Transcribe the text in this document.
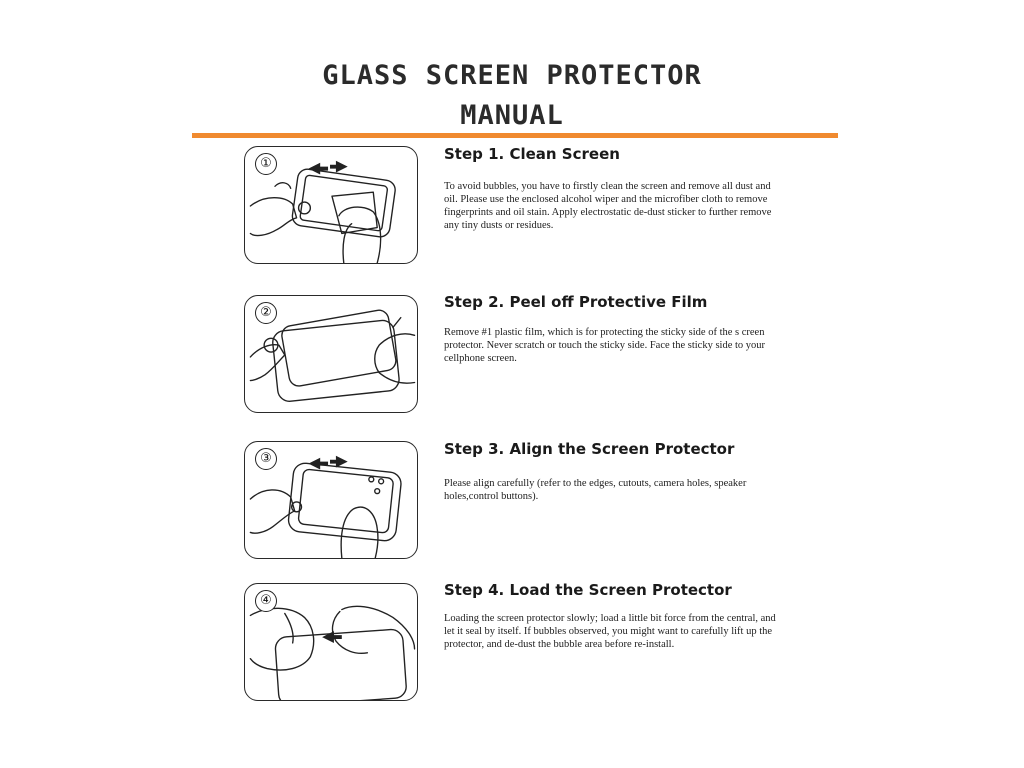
GLASS SCREEN PROTECTOR
MANUAL
①
Step 1. Clean Screen
To avoid bubbles, you have to firstly clean the screen and remove all dust and oil. Please use the enclosed alcohol wiper and the microfiber cloth to remove fingerprints and oil stain. Apply electrostatic de-dust sticker to further remove any tiny dusts or residues.
②
Step 2. Peel off Protective Film
Remove #1 plastic film, which is for protecting the sticky side of the s creen protector. Never scratch or touch the sticky side. Face the sticky side to your cellphone screen.
③
Step 3. Align the Screen Protector
Please align carefully (refer to the edges, cutouts, camera holes, speaker holes,control buttons).
④
Step 4. Load the Screen Protector
Loading the screen protector slowly; load a little bit force from the central, and let it seal by itself. If bubbles observed, you might want to carefully lift up the protector, and de-dust the bubble area before re-install.
